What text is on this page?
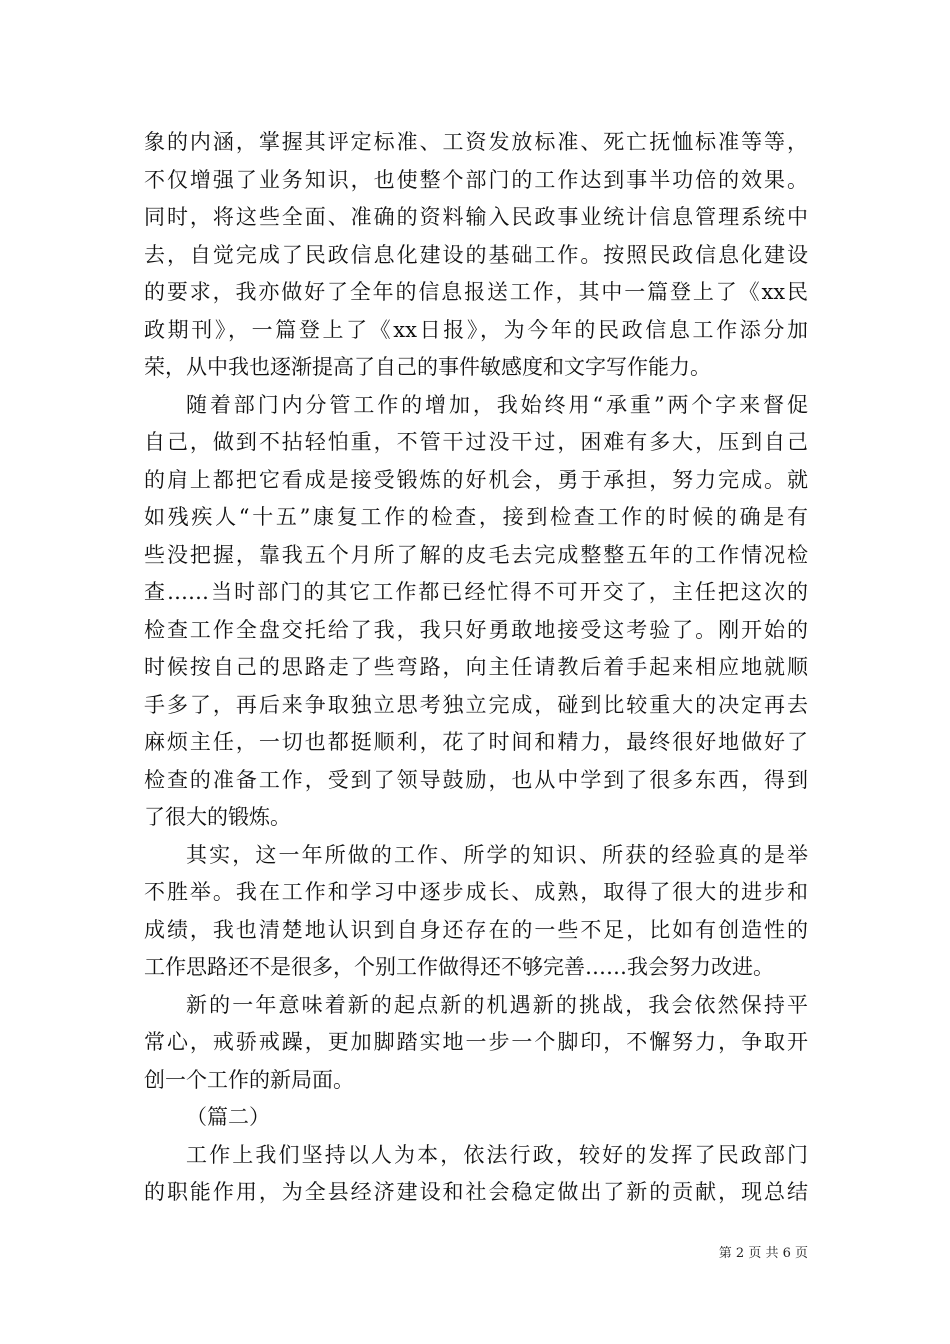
象的内涵，掌握其评定标准、工资发放标准、死亡抚恤标准等等，
不仅增强了业务知识，也使整个部门的工作达到事半功倍的效果。
同时，将这些全面、准确的资料输入民政事业统计信息管理系统中
去，自觉完成了民政信息化建设的基础工作。按照民政信息化建设
的要求，我亦做好了全年的信息报送工作，其中一篇登上了《xx民
政期刊》，一篇登上了《xx日报》，为今年的民政信息工作添分加
荣，从中我也逐渐提高了自己的事件敏感度和文字写作能力。
随着部门内分管工作的增加，我始终用“承重”两个字来督促
自己，做到不拈轻怕重，不管干过没干过，困难有多大，压到自己
的肩上都把它看成是接受锻炼的好机会，勇于承担，努力完成。就
如残疾人“十五”康复工作的检查，接到检查工作的时候的确是有
些没把握，靠我五个月所了解的皮毛去完成整整五年的工作情况检
查……当时部门的其它工作都已经忙得不可开交了，主任把这次的
检查工作全盘交托给了我，我只好勇敢地接受这考验了。刚开始的
时候按自己的思路走了些弯路，向主任请教后着手起来相应地就顺
手多了，再后来争取独立思考独立完成，碰到比较重大的决定再去
麻烦主任，一切也都挺顺利，花了时间和精力，最终很好地做好了
检查的准备工作，受到了领导鼓励，也从中学到了很多东西，得到
了很大的锻炼。
其实，这一年所做的工作、所学的知识、所获的经验真的是举
不胜举。我在工作和学习中逐步成长、成熟，取得了很大的进步和
成绩，我也清楚地认识到自身还存在的一些不足，比如有创造性的
工作思路还不是很多，个别工作做得还不够完善……我会努力改进。
新的一年意味着新的起点新的机遇新的挑战，我会依然保持平
常心，戒骄戒躁，更加脚踏实地一步一个脚印，不懈努力，争取开
创一个工作的新局面。
（篇二）
工作上我们坚持以人为本，依法行政，较好的发挥了民政部门
的职能作用，为全县经济建设和社会稳定做出了新的贡献，现总结
第 2 页 共 6 页
